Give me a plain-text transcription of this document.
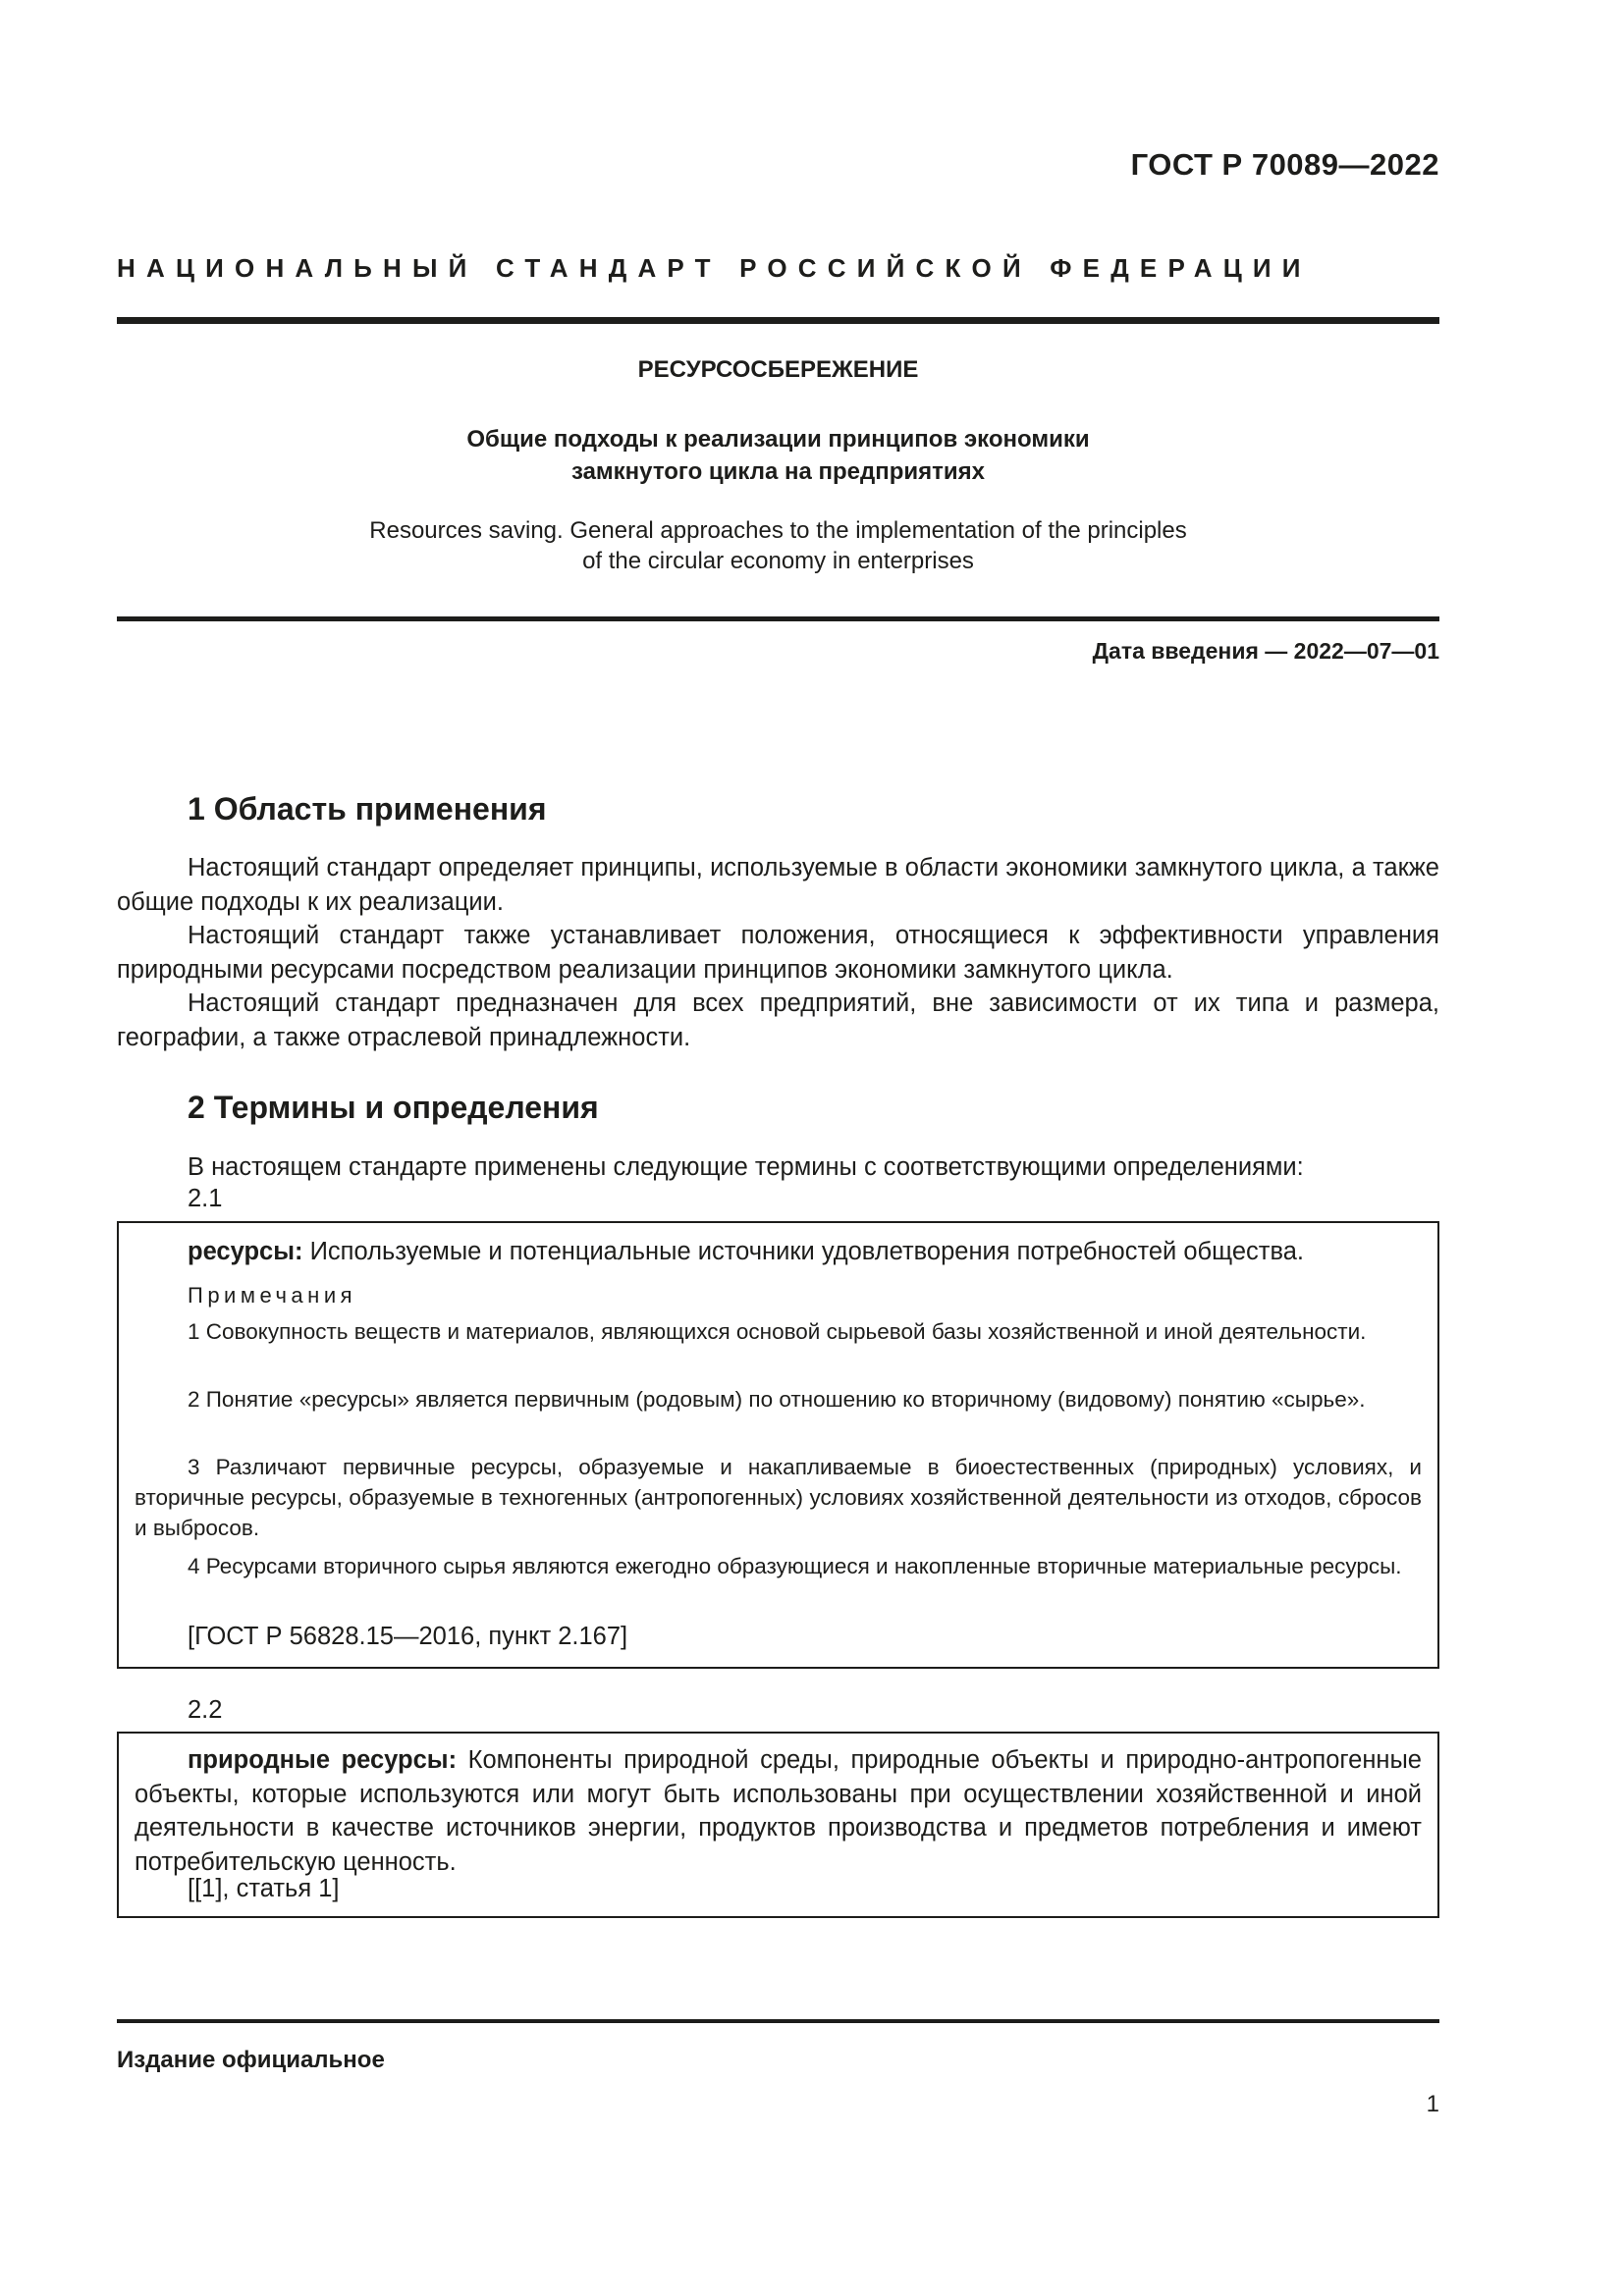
ГОСТ Р 70089—2022
НАЦИОНАЛЬНЫЙ СТАНДАРТ РОССИЙСКОЙ ФЕДЕРАЦИИ
РЕСУРСОСБЕРЕЖЕНИЕ
Общие подходы к реализации принципов экономики
замкнутого цикла на предприятиях
Resources saving. General approaches to the implementation of the principles
of the circular economy in enterprises
Дата введения — 2022—07—01
1 Область применения
Настоящий стандарт определяет принципы, используемые в области экономики замкнутого цикла, а также общие подходы к их реализации.
Настоящий стандарт также устанавливает положения, относящиеся к эффективности управления природными ресурсами посредством реализации принципов экономики замкнутого цикла.
Настоящий стандарт предназначен для всех предприятий, вне зависимости от их типа и размера, географии, а также отраслевой принадлежности.
2 Термины и определения
В настоящем стандарте применены следующие термины с соответствующими определениями:
2.1
ресурсы: Используемые и потенциальные источники удовлетворения потребностей общества.
Примечания
1 Совокупность веществ и материалов, являющихся основой сырьевой базы хозяйственной и иной деятельности.
2 Понятие «ресурсы» является первичным (родовым) по отношению ко вторичному (видовому) понятию «сырье».
3 Различают первичные ресурсы, образуемые и накапливаемые в биоестественных (природных) условиях, и вторичные ресурсы, образуемые в техногенных (антропогенных) условиях хозяйственной деятельности из отходов, сбросов и выбросов.
4 Ресурсами вторичного сырья являются ежегодно образующиеся и накопленные вторичные материальные ресурсы.
[ГОСТ Р 56828.15—2016, пункт 2.167]
2.2
природные ресурсы: Компоненты природной среды, природные объекты и природно-антропогенные объекты, которые используются или могут быть использованы при осуществлении хозяйственной и иной деятельности в качестве источников энергии, продуктов производства и предметов потребления и имеют потребительскую ценность.
[[1], статья 1]
Издание официальное
1
